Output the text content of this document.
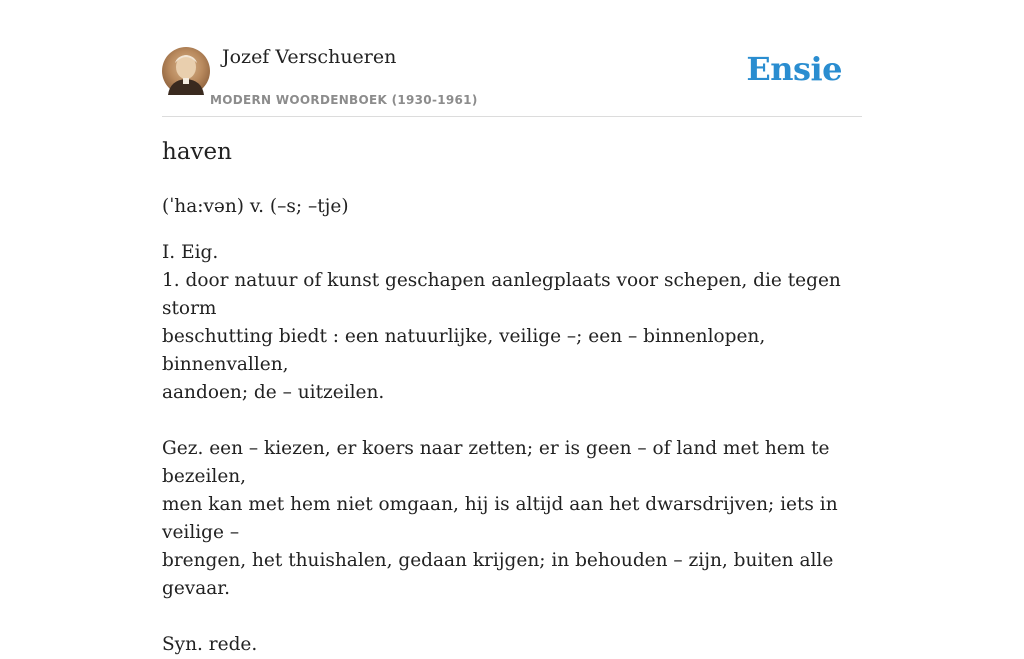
Jozef Verschueren
MODERN WOORDENBOEK (1930-1961)
Ensie
haven

(ˈha:vən) v. (–s; –tje)

I. Eig.

1. door natuur of kunst geschapen aanlegplaats voor schepen, die tegen storm

beschutting biedt : een natuurlijke, veilige –; een – binnenlopen, binnenvallen,

aandoen; de – uitzeilen.

Gez. een – kiezen, er koers naar zetten; er is geen – of land met hem te bezeilen,

men kan met hem niet omgaan, hij is altijd aan het dwarsdrijven; iets in veilige –

brengen, het thuishalen, gedaan krijgen; in behouden – zijn, buiten alle gevaar.

Syn. rede.
